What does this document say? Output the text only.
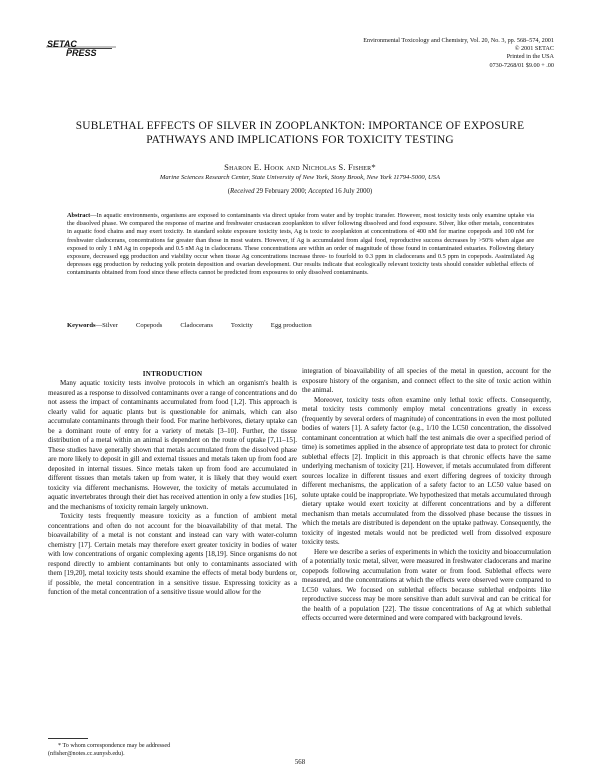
SETAC
PRESS
Environmental Toxicology and Chemistry, Vol. 20, No. 3, pp. 568–574, 2001
© 2001 SETAC
Printed in the USA
0730-7268/01 $9.00 + .00
SUBLETHAL EFFECTS OF SILVER IN ZOOPLANKTON: IMPORTANCE OF EXPOSURE
PATHWAYS AND IMPLICATIONS FOR TOXICITY TESTING
Sharon E. Hook and Nicholas S. Fisher*
Marine Sciences Research Center, State University of New York, Stony Brook, New York 11794-5000, USA
(Received 29 February 2000; Accepted 16 July 2000)
Abstract—In aquatic environments, organisms are exposed to contaminants via direct uptake from water and by trophic transfer. However, most toxicity tests only examine uptake via the dissolved phase. We compared the response of marine and freshwater crustacean zooplankton to silver following dissolved and food exposure. Silver, like other metals, concentrates in aquatic food chains and may exert toxicity. In standard solute exposure toxicity tests, Ag is toxic to zooplankton at concentrations of 400 nM for marine copepods and 100 nM for freshwater cladocerans, concentrations far greater than those in most waters. However, if Ag is accumulated from algal food, reproductive success decreases by >50% when algae are exposed to only 1 nM Ag in copepods and 0.5 nM Ag in cladocerans. These concentrations are within an order of magnitude of those found in contaminated estuaries. Following dietary exposure, decreased egg production and viability occur when tissue Ag concentrations increase three- to fourfold to 0.3 ppm in cladocerans and 0.5 ppm in copepods. Assimilated Ag depresses egg production by reducing yolk protein deposition and ovarian development. Our results indicate that ecologically relevant toxicity tests should consider sublethal effects of contaminants obtained from food since these effects cannot be predicted from exposures to only dissolved contaminants.
Keywords—Silver	Copepods	Cladocerans	Toxicity	Egg production

INTRODUCTION

Many aquatic toxicity tests involve protocols in which an organism's health is measured as a response to dissolved contaminants over a range of concentrations and do not assess the impact of contaminants accumulated from food [1,2]. This approach is clearly valid for aquatic plants but is questionable for animals, which can also accumulate contaminants through their food. For marine herbivores, dietary uptake can be a dominant route of entry for a variety of metals [3–10]. Further, the tissue distribution of a metal within an animal is dependent on the route of uptake [7,11–15]. These studies have generally shown that metals accumulated from the dissolved phase are more likely to deposit in gill and external tissues and metals taken up from food are deposited in internal tissues. Since metals taken up from food are accumulated in different tissues than metals taken up from water, it is likely that they would exert toxicity via different mechanisms. However, the toxicity of metals accumulated in aquatic invertebrates through their diet has received attention in only a few studies [16], and the mechanisms of toxicity remain largely unknown.

Toxicity tests frequently measure toxicity as a function of ambient metal concentrations and often do not account for the bioavailability of that metal. The bioavailability of a metal is not constant and instead can vary with water-column chemistry [17]. Certain metals may therefore exert greater toxicity in bodies of water with low concentrations of organic complexing agents [18,19]. Since organisms do not respond directly to ambient contaminants but only to contaminants associated with them [19,20], metal toxicity tests should examine the effects of metal body burdens or, if possible, the metal concentration in a sensitive tissue. Expressing toxicity as a function of the metal concentration of a sensitive tissue would allow for the

integration of bioavailability of all species of the metal in question, account for the exposure history of the organism, and connect effect to the site of toxic action within the animal.

Moreover, toxicity tests often examine only lethal toxic effects. Consequently, metal toxicity tests commonly employ metal concentrations greatly in excess (frequently by several orders of magnitude) of concentrations in even the most polluted bodies of waters [1]. A safety factor (e.g., 1/10 the LC50 concentration, the dissolved contaminant concentration at which half the test animals die over a specified period of time) is sometimes applied in the absence of appropriate test data to protect for chronic sublethal effects [2]. Implicit in this approach is that chronic effects have the same underlying mechanism of toxicity [21]. However, if metals accumulated from different sources localize in different tissues and exert differing degrees of toxicity through different mechanisms, the application of a safety factor to an LC50 value based on solute uptake could be inappropriate. We hypothesized that metals accumulated through dietary uptake would exert toxicity at different concentrations and by a different mechanism than metals accumulated from the dissolved phase because the tissues in which the metals are distributed is dependent on the uptake pathway. Consequently, the toxicity of ingested metals would not be predicted well from dissolved exposure toxicity tests.

Here we describe a series of experiments in which the toxicity and bioaccumulation of a potentially toxic metal, silver, were measured in freshwater cladocerans and marine copepods following accumulation from water or from food. Sublethal effects were measured, and the concentrations at which the effects were observed were compared to LC50 values. We focused on sublethal effects because sublethal endpoints like reproductive success may be more sensitive than adult survival and can be critical for the health of a population [22]. The tissue concentrations of Ag at which sublethal effects occurred were determined and were compared with background levels.

* To whom correspondence may be addressed
(nfisher@notes.cc.sunysb.edu).
568
